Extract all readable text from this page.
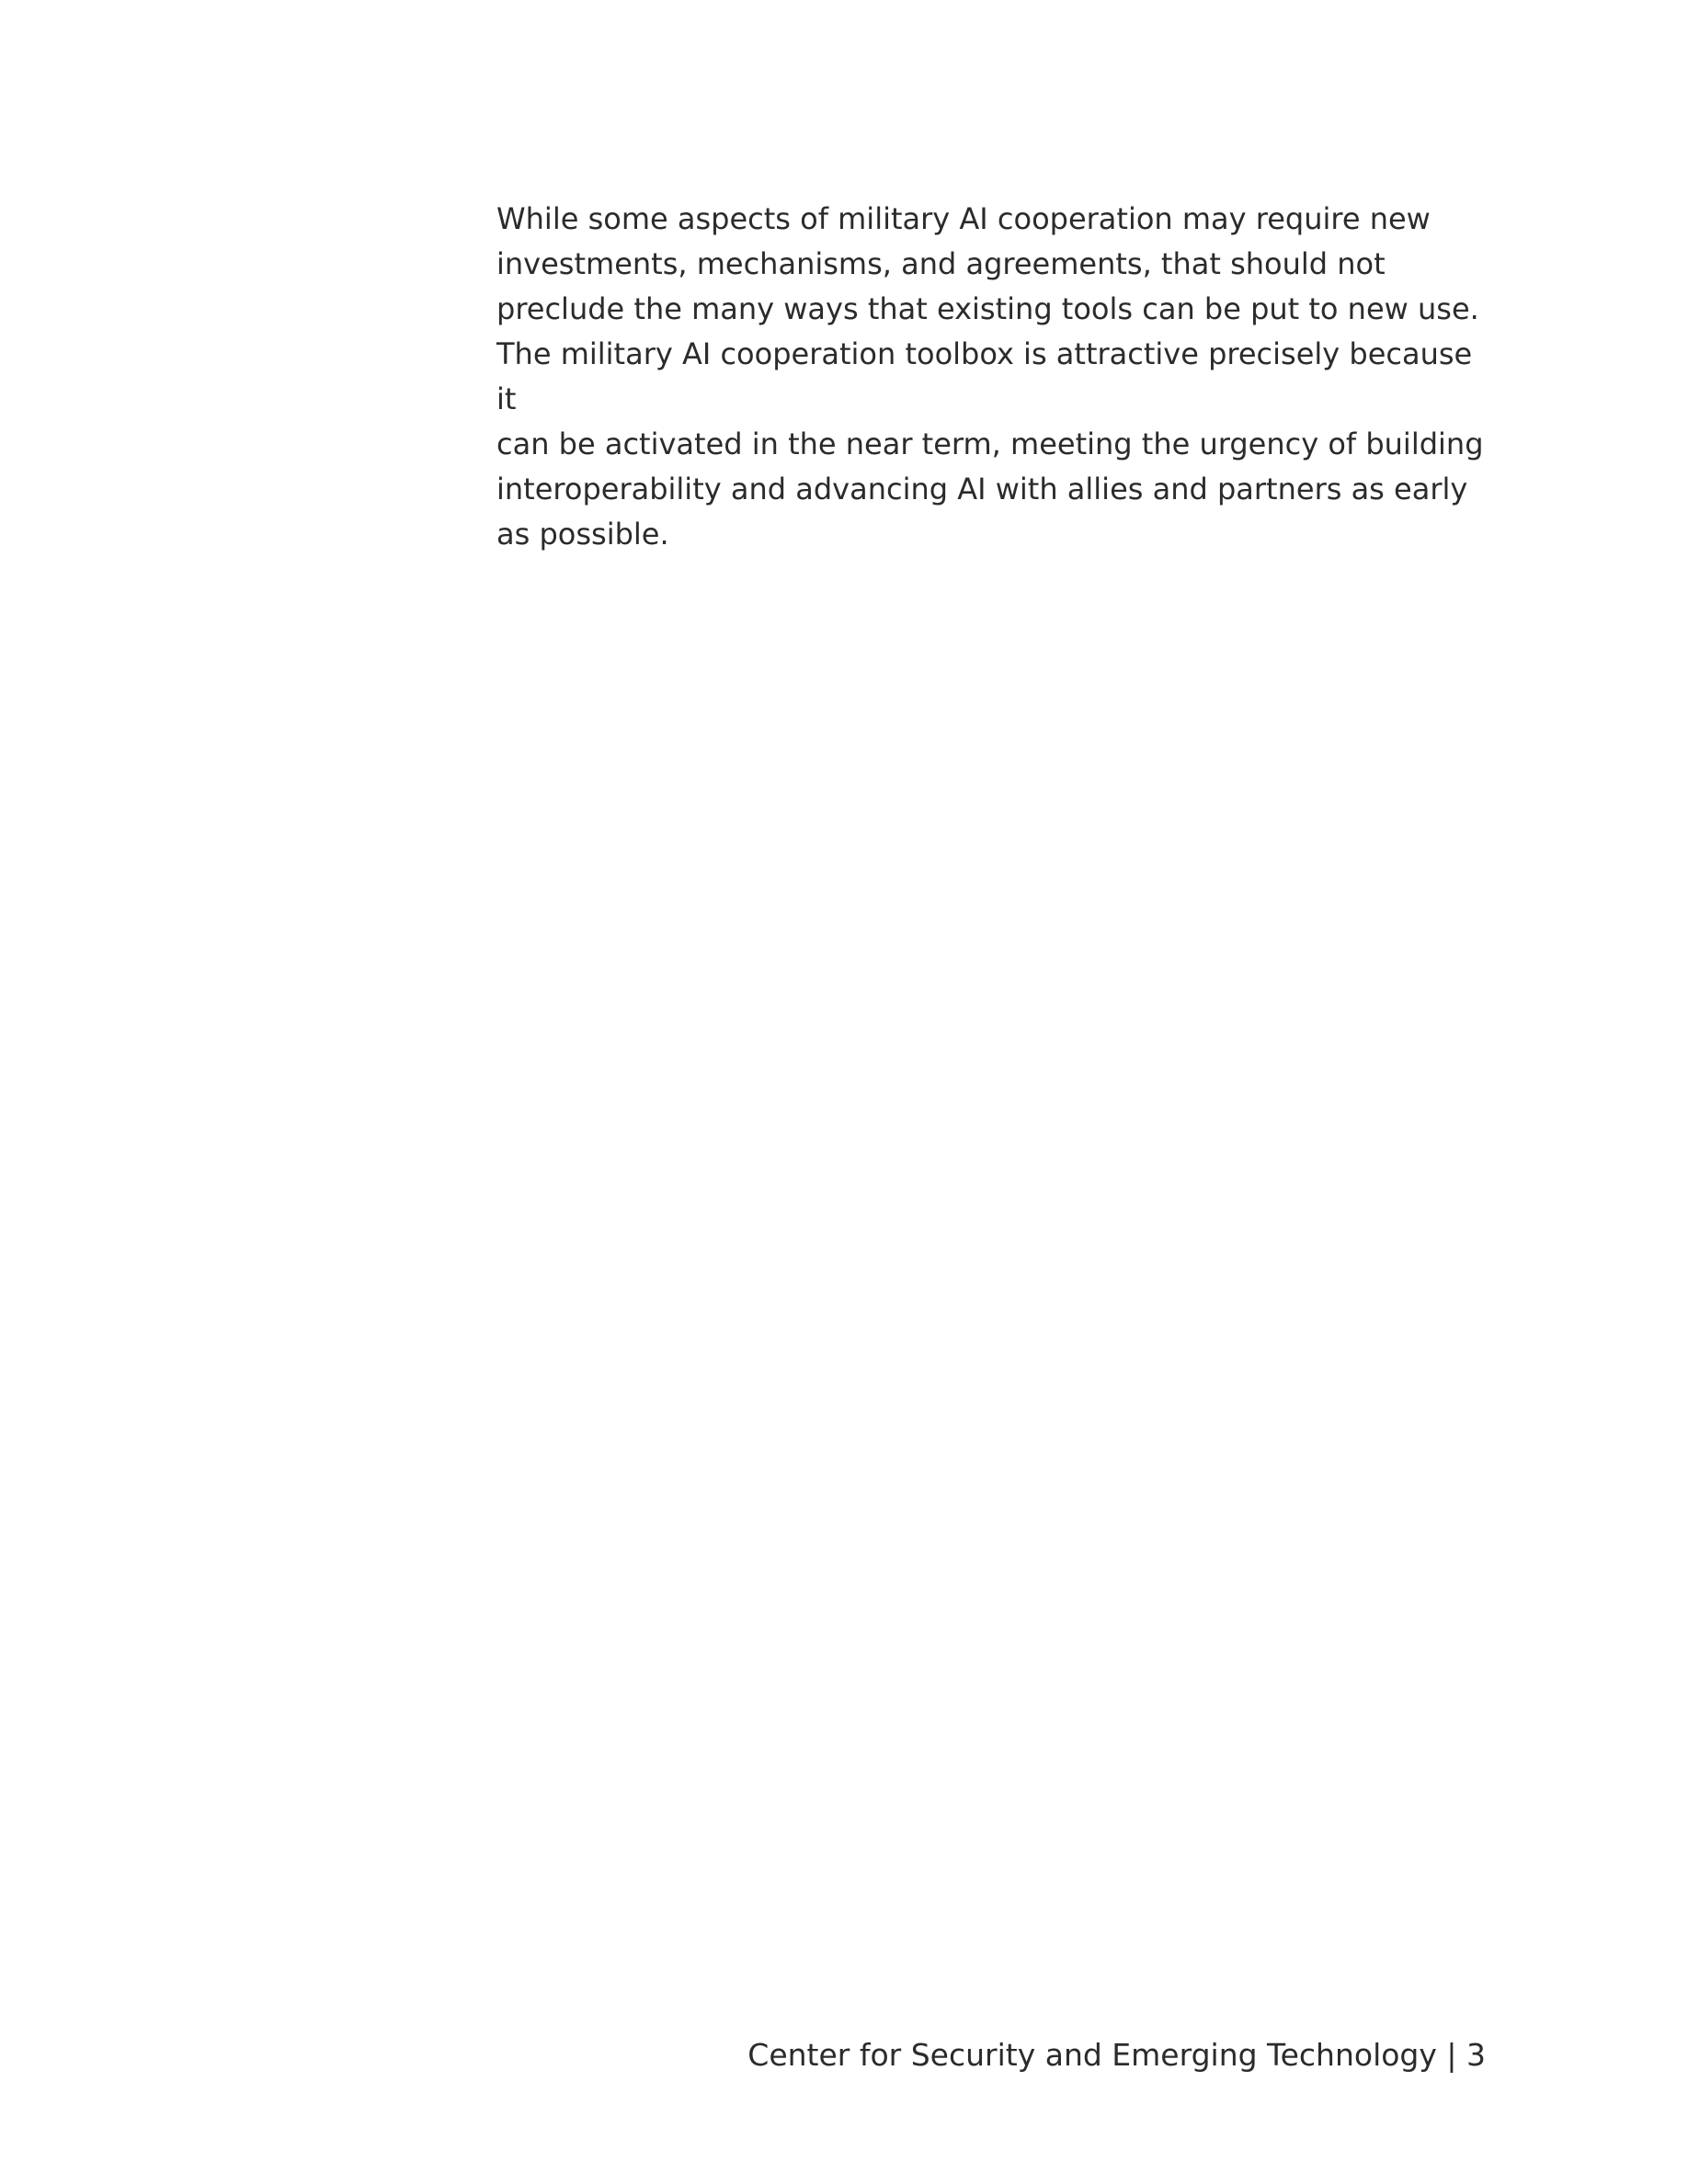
While some aspects of military AI cooperation may require new
investments, mechanisms, and agreements, that should not
preclude the many ways that existing tools can be put to new use.
The military AI cooperation toolbox is attractive precisely because it
can be activated in the near term, meeting the urgency of building
interoperability and advancing AI with allies and partners as early
as possible.

Center for Security and Emerging Technology | 3
